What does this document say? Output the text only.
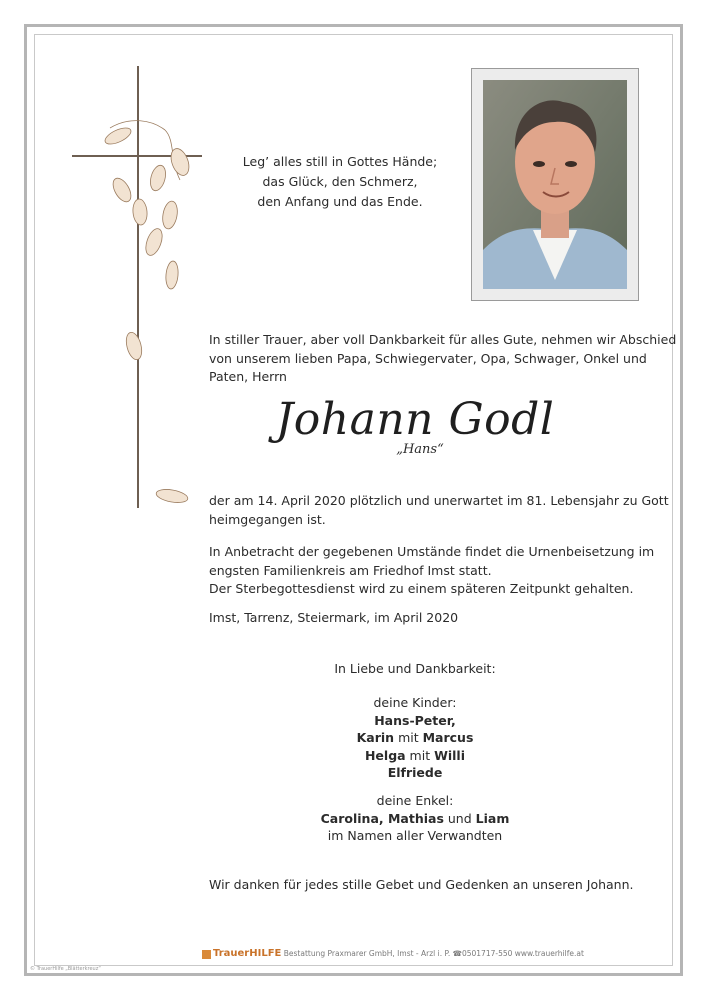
Leg’ alles still in Gottes Hände;
das Glück, den Schmerz,
den Anfang und das Ende.
In stiller Trauer, aber voll Dankbarkeit für alles Gute, nehmen wir Abschied
von unserem lieben Papa, Schwiegervater, Opa, Schwager, Onkel und
Paten, Herrn
Johann Godl
„Hans“
der am 14. April 2020 plötzlich und unerwartet im 81. Lebensjahr zu Gott
heimgegangen ist.
In Anbetracht der gegebenen Umstände findet die Urnenbeisetzung im
engsten Familienkreis am Friedhof Imst statt.
Der Sterbegottesdienst wird zu einem späteren Zeitpunkt gehalten.
Imst, Tarrenz, Steiermark, im April 2020
In Liebe und Dankbarkeit:
deine Kinder:
Hans-Peter,
Karin mit Marcus
Helga mit Willi
Elfriede
deine Enkel:
Carolina, Mathias und Liam
im Namen aller Verwandten
Wir danken für jedes stille Gebet und Gedenken an unseren Johann.
TrauerHILFE Bestattung Praxmarer GmbH, Imst - Arzl i. P. ☎0501717-550 www.trauerhilfe.at
© TrauerHilfe „Blätterkreuz“
